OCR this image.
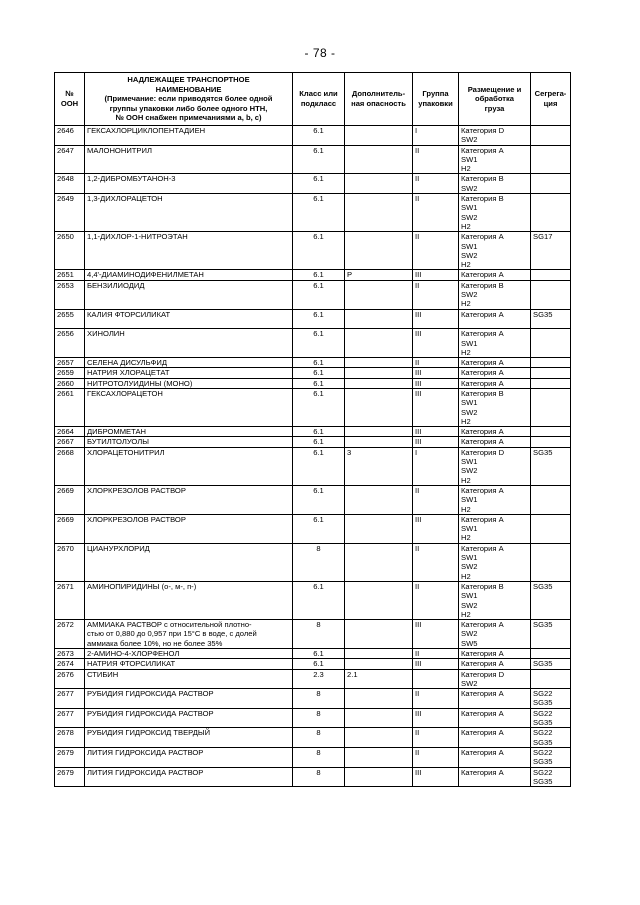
- 78 -
№
ООН	НАДЛЕЖАЩЕЕ ТРАНСПОРТНОЕ
НАИМЕНОВАНИЕ
(Примечание: если приводятся более одной
группы упаковки либо более одного НТН,
№ ООН снабжен примечаниями a, b, c)	Класс или
подкласс	Дополнитель-
ная опасность	Группа
упаковки	Размещение и
обработка
груза	Сегрега-
ция

2646	ГЕКСАХЛОРЦИКЛОПЕНТАДИЕН	6.1		I	Категория D
SW2	

2647	МАЛОНОНИТРИЛ	6.1		II	Категория A
SW1
H2	

2648	1,2-ДИБРОМБУТАНОН-3	6.1		II	Категория B
SW2	

2649	1,3-ДИХЛОРАЦЕТОН	6.1		II	Категория B
SW1
SW2
H2	

2650	1,1-ДИХЛОР-1-НИТРОЭТАН	6.1		II	Категория A
SW1
SW2
H2	SG17

2651	4,4'-ДИАМИНОДИФЕНИЛМЕТАН	6.1	P	III	Категория A	

2653	БЕНЗИЛИОДИД	6.1		II	Категория B
SW2
H2	

2655	КАЛИЯ ФТОРСИЛИКАТ	6.1		III	Категория A	SG35

2656	ХИНОЛИН	6.1		III	Категория A
SW1
H2	

2657	СЕЛЕНА ДИСУЛЬФИД	6.1		II	Категория A	

2659	НАТРИЯ ХЛОРАЦЕТАТ	6.1		III	Категория A	

2660	НИТРОТОЛУИДИНЫ (МОНО)	6.1		III	Категория A	

2661	ГЕКСАХЛОРАЦЕТОН	6.1		III	Категория B
SW1
SW2
H2	

2664	ДИБРОММЕТАН	6.1		III	Категория A	

2667	БУТИЛТОЛУОЛЫ	6.1		III	Категория A	

2668	ХЛОРАЦЕТОНИТРИЛ	6.1	3	I	Категория D
SW1
SW2
H2	SG35

2669	ХЛОРКРЕЗОЛОВ РАСТВОР	6.1		II	Категория A
SW1
H2	

2669	ХЛОРКРЕЗОЛОВ РАСТВОР	6.1		III	Категория A
SW1
H2	

2670	ЦИАНУРХЛОРИД	8		II	Категория A
SW1
SW2
H2	

2671	АМИНОПИРИДИНЫ (о-, м-, п-)	6.1		II	Категория B
SW1
SW2
H2	SG35

2672	АММИАКА РАСТВОР с относительной плотно-
стью от 0,880 до 0,957 при 15°C в воде, с долей
аммиака более 10%, но не более 35%	8		III	Категория A
SW2
SW5	SG35

2673	2-АМИНО-4-ХЛОРФЕНОЛ	6.1		II	Категория A	

2674	НАТРИЯ ФТОРСИЛИКАТ	6.1		III	Категория A	SG35

2676	СТИБИН	2.3	2.1		Категория D
SW2	

2677	РУБИДИЯ ГИДРОКСИДА РАСТВОР	8		II	Категория A	SG22
SG35

2677	РУБИДИЯ ГИДРОКСИДА РАСТВОР	8		III	Категория A	SG22
SG35

2678	РУБИДИЯ ГИДРОКСИД ТВЕРДЫЙ	8		II	Категория A	SG22
SG35

2679	ЛИТИЯ ГИДРОКСИДА РАСТВОР	8		II	Категория A	SG22
SG35

2679	ЛИТИЯ ГИДРОКСИДА РАСТВОР	8		III	Категория A	SG22
SG35
